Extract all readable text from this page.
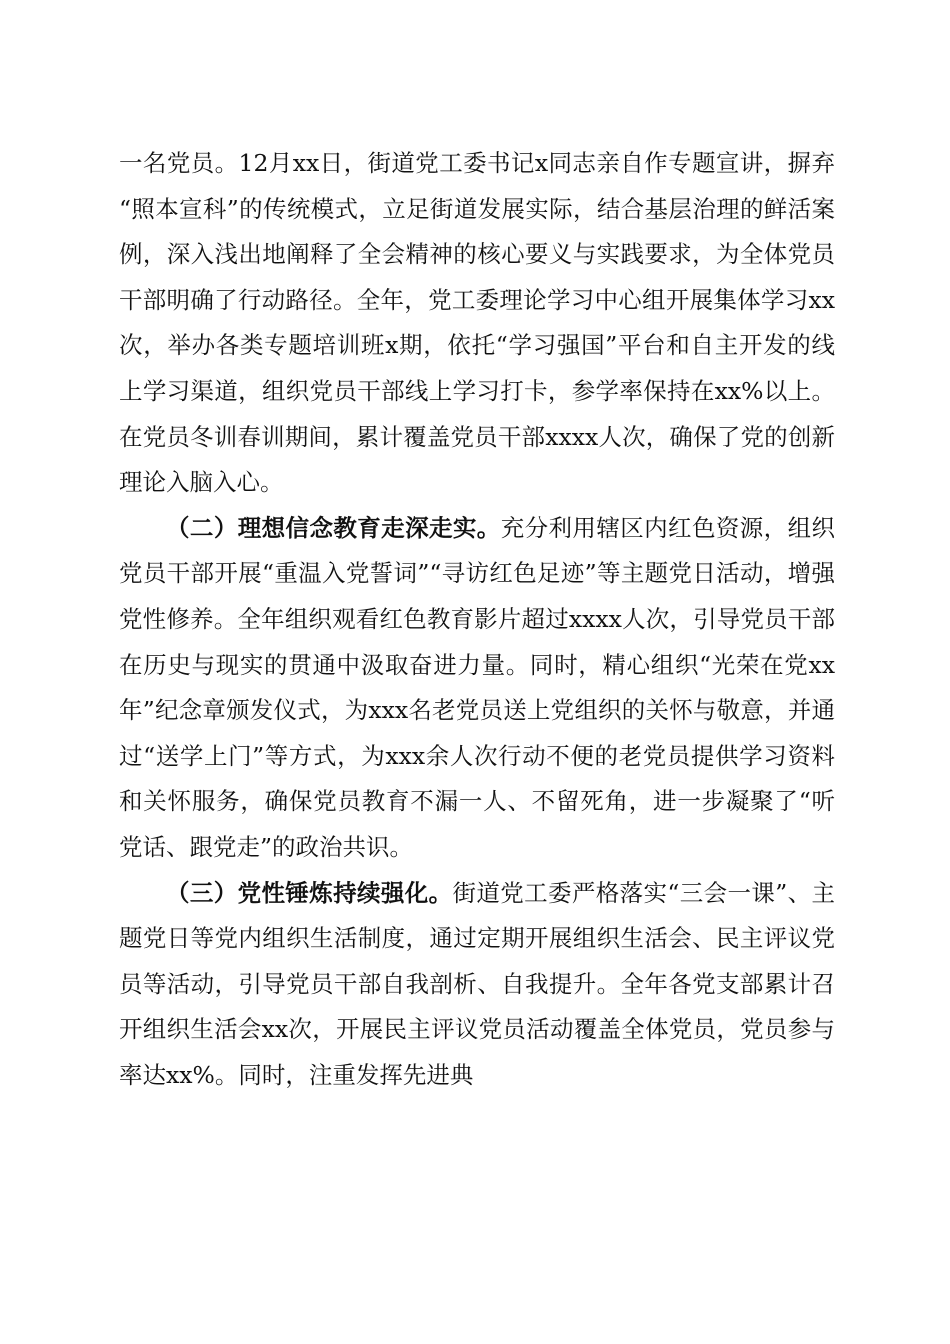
一名党员。12月xx日，街道党工委书记x同志亲自作专题宣讲，摒弃“照本宣科”的传统模式，立足街道发展实际，结合基层治理的鲜活案例，深入浅出地阐释了全会精神的核心要义与实践要求，为全体党员干部明确了行动路径。全年，党工委理论学习中心组开展集体学习xx次，举办各类专题培训班x期，依托“学习强国”平台和自主开发的线上学习渠道，组织党员干部线上学习打卡，参学率保持在xx%以上。在党员冬训春训期间，累计覆盖党员干部xxxx人次，确保了党的创新理论入脑入心。

（二）理想信念教育走深走实。充分利用辖区内红色资源，组织党员干部开展“重温入党誓词”“寻访红色足迹”等主题党日活动，增强党性修养。全年组织观看红色教育影片超过xxxx人次，引导党员干部在历史与现实的贯通中汲取奋进力量。同时，精心组织“光荣在党xx年”纪念章颁发仪式，为xxx名老党员送上党组织的关怀与敬意，并通过“送学上门”等方式，为xxx余人次行动不便的老党员提供学习资料和关怀服务，确保党员教育不漏一人、不留死角，进一步凝聚了“听党话、跟党走”的政治共识。

（三）党性锤炼持续强化。街道党工委严格落实“三会一课”、主题党日等党内组织生活制度，通过定期开展组织生活会、民主评议党员等活动，引导党员干部自我剖析、自我提升。全年各党支部累计召开组织生活会xx次，开展民主评议党员活动覆盖全体党员，党员参与率达xx%。同时，注重发挥先进典
